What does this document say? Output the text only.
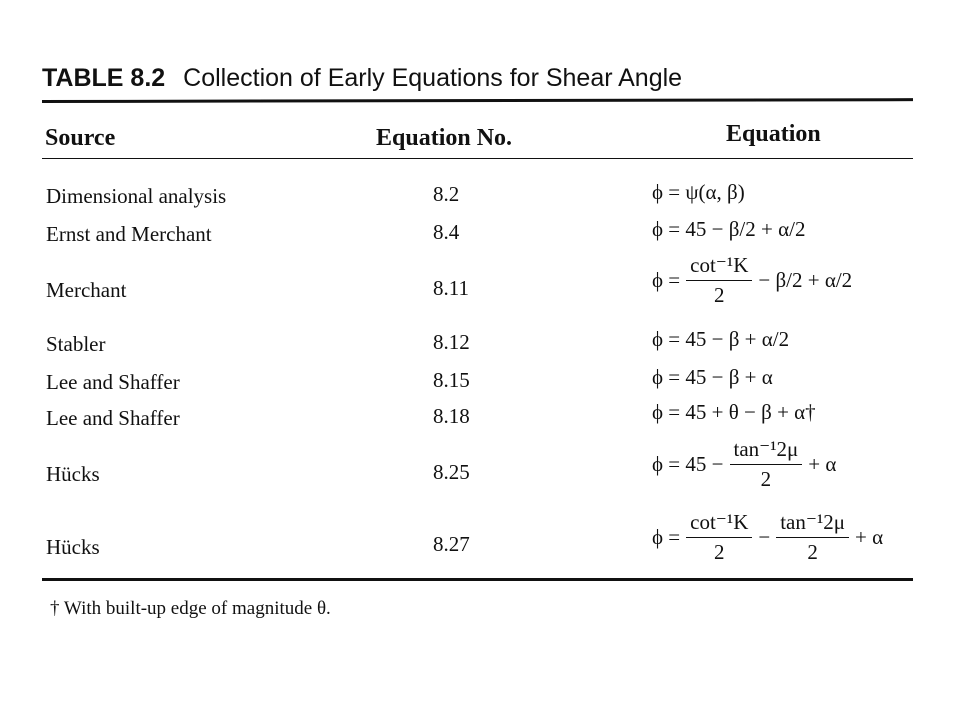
TABLE 8.2 Collection of Early Equations for Shear Angle
Source	Equation No.	Equation
Dimensional analysis	8.2	ϕ = ψ(α, β)
Ernst and Merchant	8.4	ϕ = 45 − β/2 + α/2
Merchant	8.11	$\phi = \frac{\text{cot⁻¹K}}{2} - \beta/2 + \alpha/2$
Stabler	8.12	ϕ = 45 − β + α/2
Lee and Shaffer	8.15	ϕ = 45 − β + α
Lee and Shaffer	8.18	ϕ = 45 + θ − β + α†
Hücks	8.25	$\phi = 45 - \frac{\text{tan⁻¹2μ}}{2} + \alpha$
Hücks	8.27	$\phi = \frac{\text{cot⁻¹K}}{2} - \frac{\text{tan⁻¹2μ}}{2} + \alpha$
† With built-up edge of magnitude θ.
